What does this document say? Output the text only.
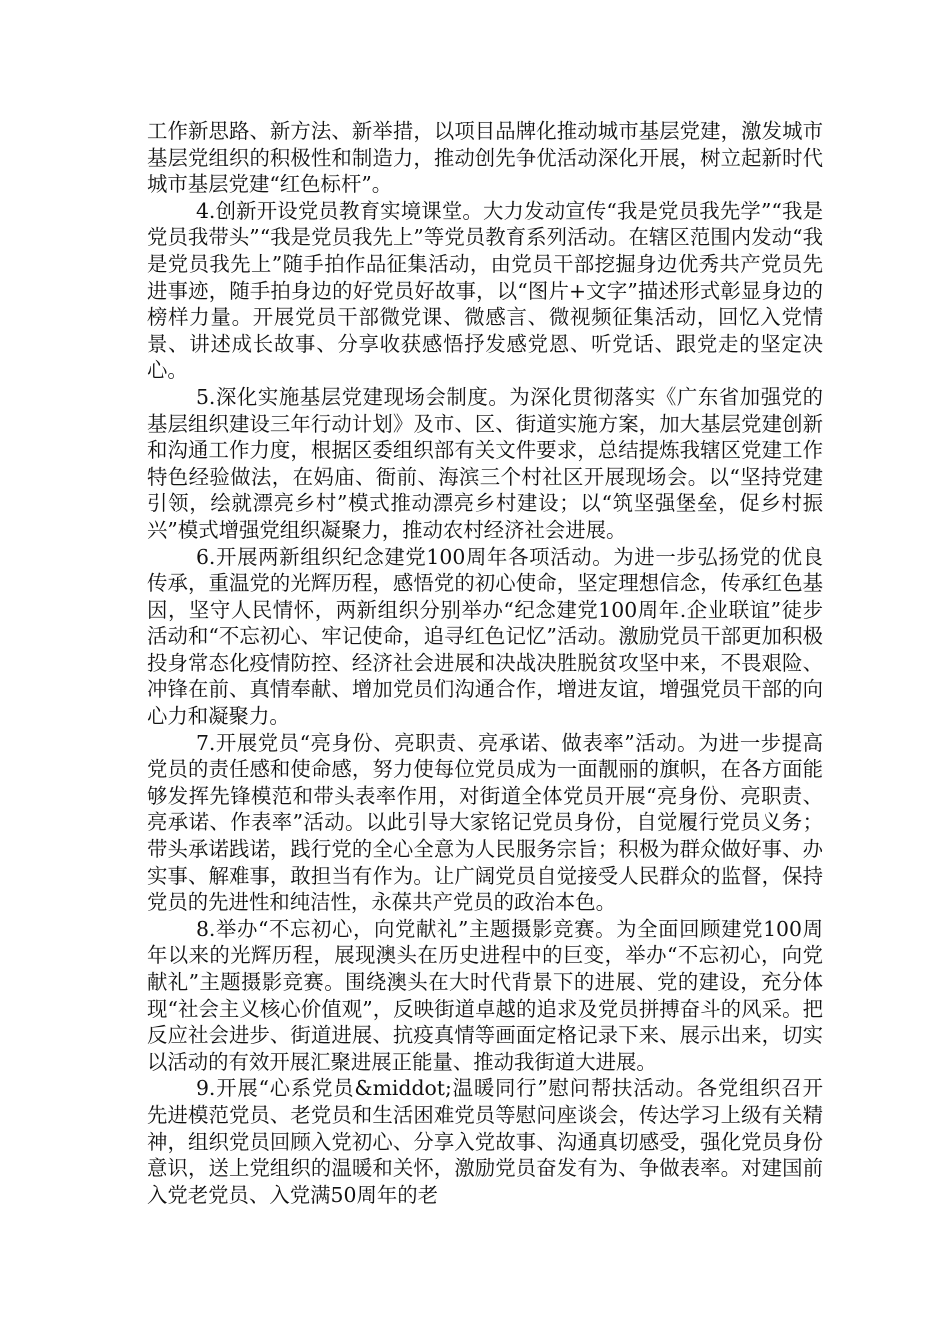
工作新思路、新方法、新举措，以项目品牌化推动城市基层党建，激发城市基层党组织的积极性和制造力，推动创先争优活动深化开展，树立起新时代城市基层党建“红色标杆”。

4.创新开设党员教育实境课堂。大力发动宣传“我是党员我先学”“我是党员我带头”“我是党员我先上”等党员教育系列活动。在辖区范围内发动“我是党员我先上”随手拍作品征集活动，由党员干部挖掘身边优秀共产党员先进事迹，随手拍身边的好党员好故事，以“图片+文字”描述形式彰显身边的榜样力量。开展党员干部微党课、微感言、微视频征集活动，回忆入党情景、讲述成长故事、分享收获感悟抒发感党恩、听党话、跟党走的坚定决心。

5.深化实施基层党建现场会制度。为深化贯彻落实《广东省加强党的基层组织建设三年行动计划》及市、区、街道实施方案，加大基层党建创新和沟通工作力度，根据区委组织部有关文件要求，总结提炼我辖区党建工作特色经验做法，在妈庙、衙前、海滨三个村社区开展现场会。以“坚持党建引领，绘就漂亮乡村”模式推动漂亮乡村建设；以“筑坚强堡垒，促乡村振兴”模式增强党组织凝聚力，推动农村经济社会进展。

6.开展两新组织纪念建党100周年各项活动。为进一步弘扬党的优良传承，重温党的光辉历程，感悟党的初心使命，坚定理想信念，传承红色基因，坚守人民情怀，两新组织分别举办“纪念建党100周年.企业联谊”徒步活动和“不忘初心、牢记使命，追寻红色记忆”活动。激励党员干部更加积极投身常态化疫情防控、经济社会进展和决战决胜脱贫攻坚中来，不畏艰险、冲锋在前、真情奉献、增加党员们沟通合作，增进友谊，增强党员干部的向心力和凝聚力。

7.开展党员“亮身份、亮职责、亮承诺、做表率”活动。为进一步提高党员的责任感和使命感，努力使每位党员成为一面靓丽的旗帜，在各方面能够发挥先锋模范和带头表率作用，对街道全体党员开展“亮身份、亮职责、亮承诺、作表率”活动。以此引导大家铭记党员身份，自觉履行党员义务；带头承诺践诺，践行党的全心全意为人民服务宗旨；积极为群众做好事、办实事、解难事，敢担当有作为。让广阔党员自觉接受人民群众的监督，保持党员的先进性和纯洁性，永葆共产党员的政治本色。

8.举办“不忘初心，向党献礼”主题摄影竞赛。为全面回顾建党100周年以来的光辉历程，展现澳头在历史进程中的巨变，举办“不忘初心，向党献礼”主题摄影竞赛。围绕澳头在大时代背景下的进展、党的建设，充分体现“社会主义核心价值观”，反映街道卓越的追求及党员拼搏奋斗的风采。把反应社会进步、街道进展、抗疫真情等画面定格记录下来、展示出来，切实以活动的有效开展汇聚进展正能量、推动我街道大进展。

9.开展“心系党员&middot;温暖同行”慰问帮扶活动。各党组织召开先进模范党员、老党员和生活困难党员等慰问座谈会，传达学习上级有关精神，组织党员回顾入党初心、分享入党故事、沟通真切感受，强化党员身份意识，送上党组织的温暖和关怀，激励党员奋发有为、争做表率。对建国前入党老党员、入党满50周年的老
